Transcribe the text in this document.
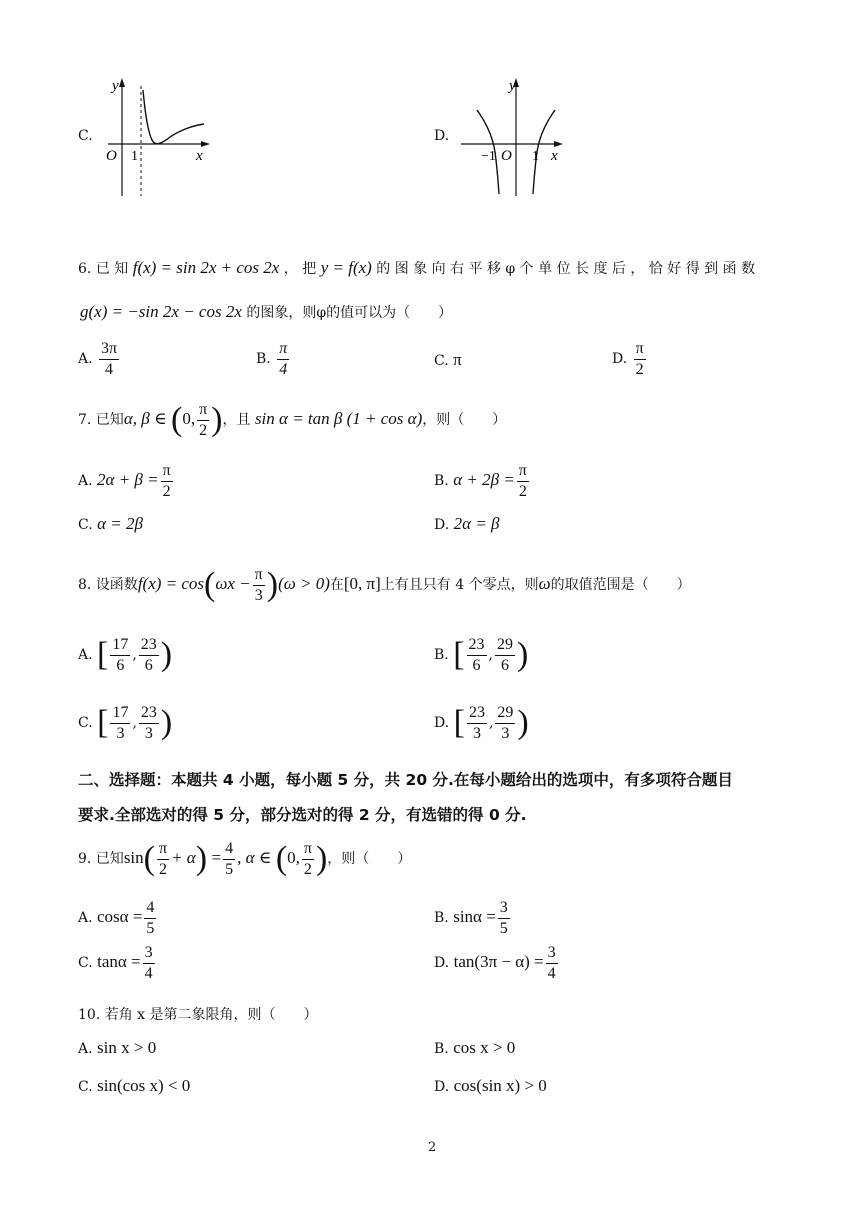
C.
y
x
O 1
D.
y
x
−1 O 1
6. 已 知 f(x) = sin 2x + cos 2x ， 把 y = f(x) 的 图 象 向 右 平 移 φ 个 单 位 长 度 后 ， 恰 好 得 到 函 数
g(x) = −sin 2x − cos 2x 的图象，则φ的值可以为（　　）
A. $\frac{3\pi}{4}$	B. $\frac{\pi}{4}$	C. π	D. $\frac{\pi}{2}$
7. 已知α, β ∈ (0, $\frac{\pi}{2}$ )，且 sin α = tan β (1 + cos α)，则（　　）
A. $2\alpha + \beta = \frac{\pi}{2}$	B. $\alpha + 2\beta = \frac{\pi}{2}$
C. α = 2β	D. 2α = β
8. 设函数$f(x) = \cos(\omega x - \frac{\pi}{3} )(\omega > 0)$在[0, π]上有且只有 4 个零点，则ω的取值范围是（　　）
A. [ $\frac{17}{6}$ , $\frac{23}{6}$ )	B. [ $\frac{23}{6}$ , $\frac{29}{6}$ )
C. [ $\frac{17}{3}$ , $\frac{23}{3}$ )	D. [ $\frac{23}{3}$ , $\frac{29}{3}$ )
二、选择题：本题共 4 小题，每小题 5 分，共 20 分.在每小题给出的选项中，有多项符合题目
要求.全部选对的得 5 分，部分选对的得 2 分，有选错的得 0 分.
9. 已知$\sin( \frac{\pi}{2} + \alpha) = \frac{4}{5}$ , α ∈ (0, $\frac{\pi}{2}$ )，则（　　）
A. $\cos\alpha = \frac{4}{5}$	B. $\sin\alpha = \frac{3}{5}$
C. $\tan\alpha = \frac{3}{4}$	D. $\tan(3\pi - \alpha) = \frac{3}{4}$
10. 若角 x 是第二象限角，则（　　）
A. sin x > 0	B. cos x > 0
C. sin(cos x) < 0	D. cos(sin x) > 0
2
